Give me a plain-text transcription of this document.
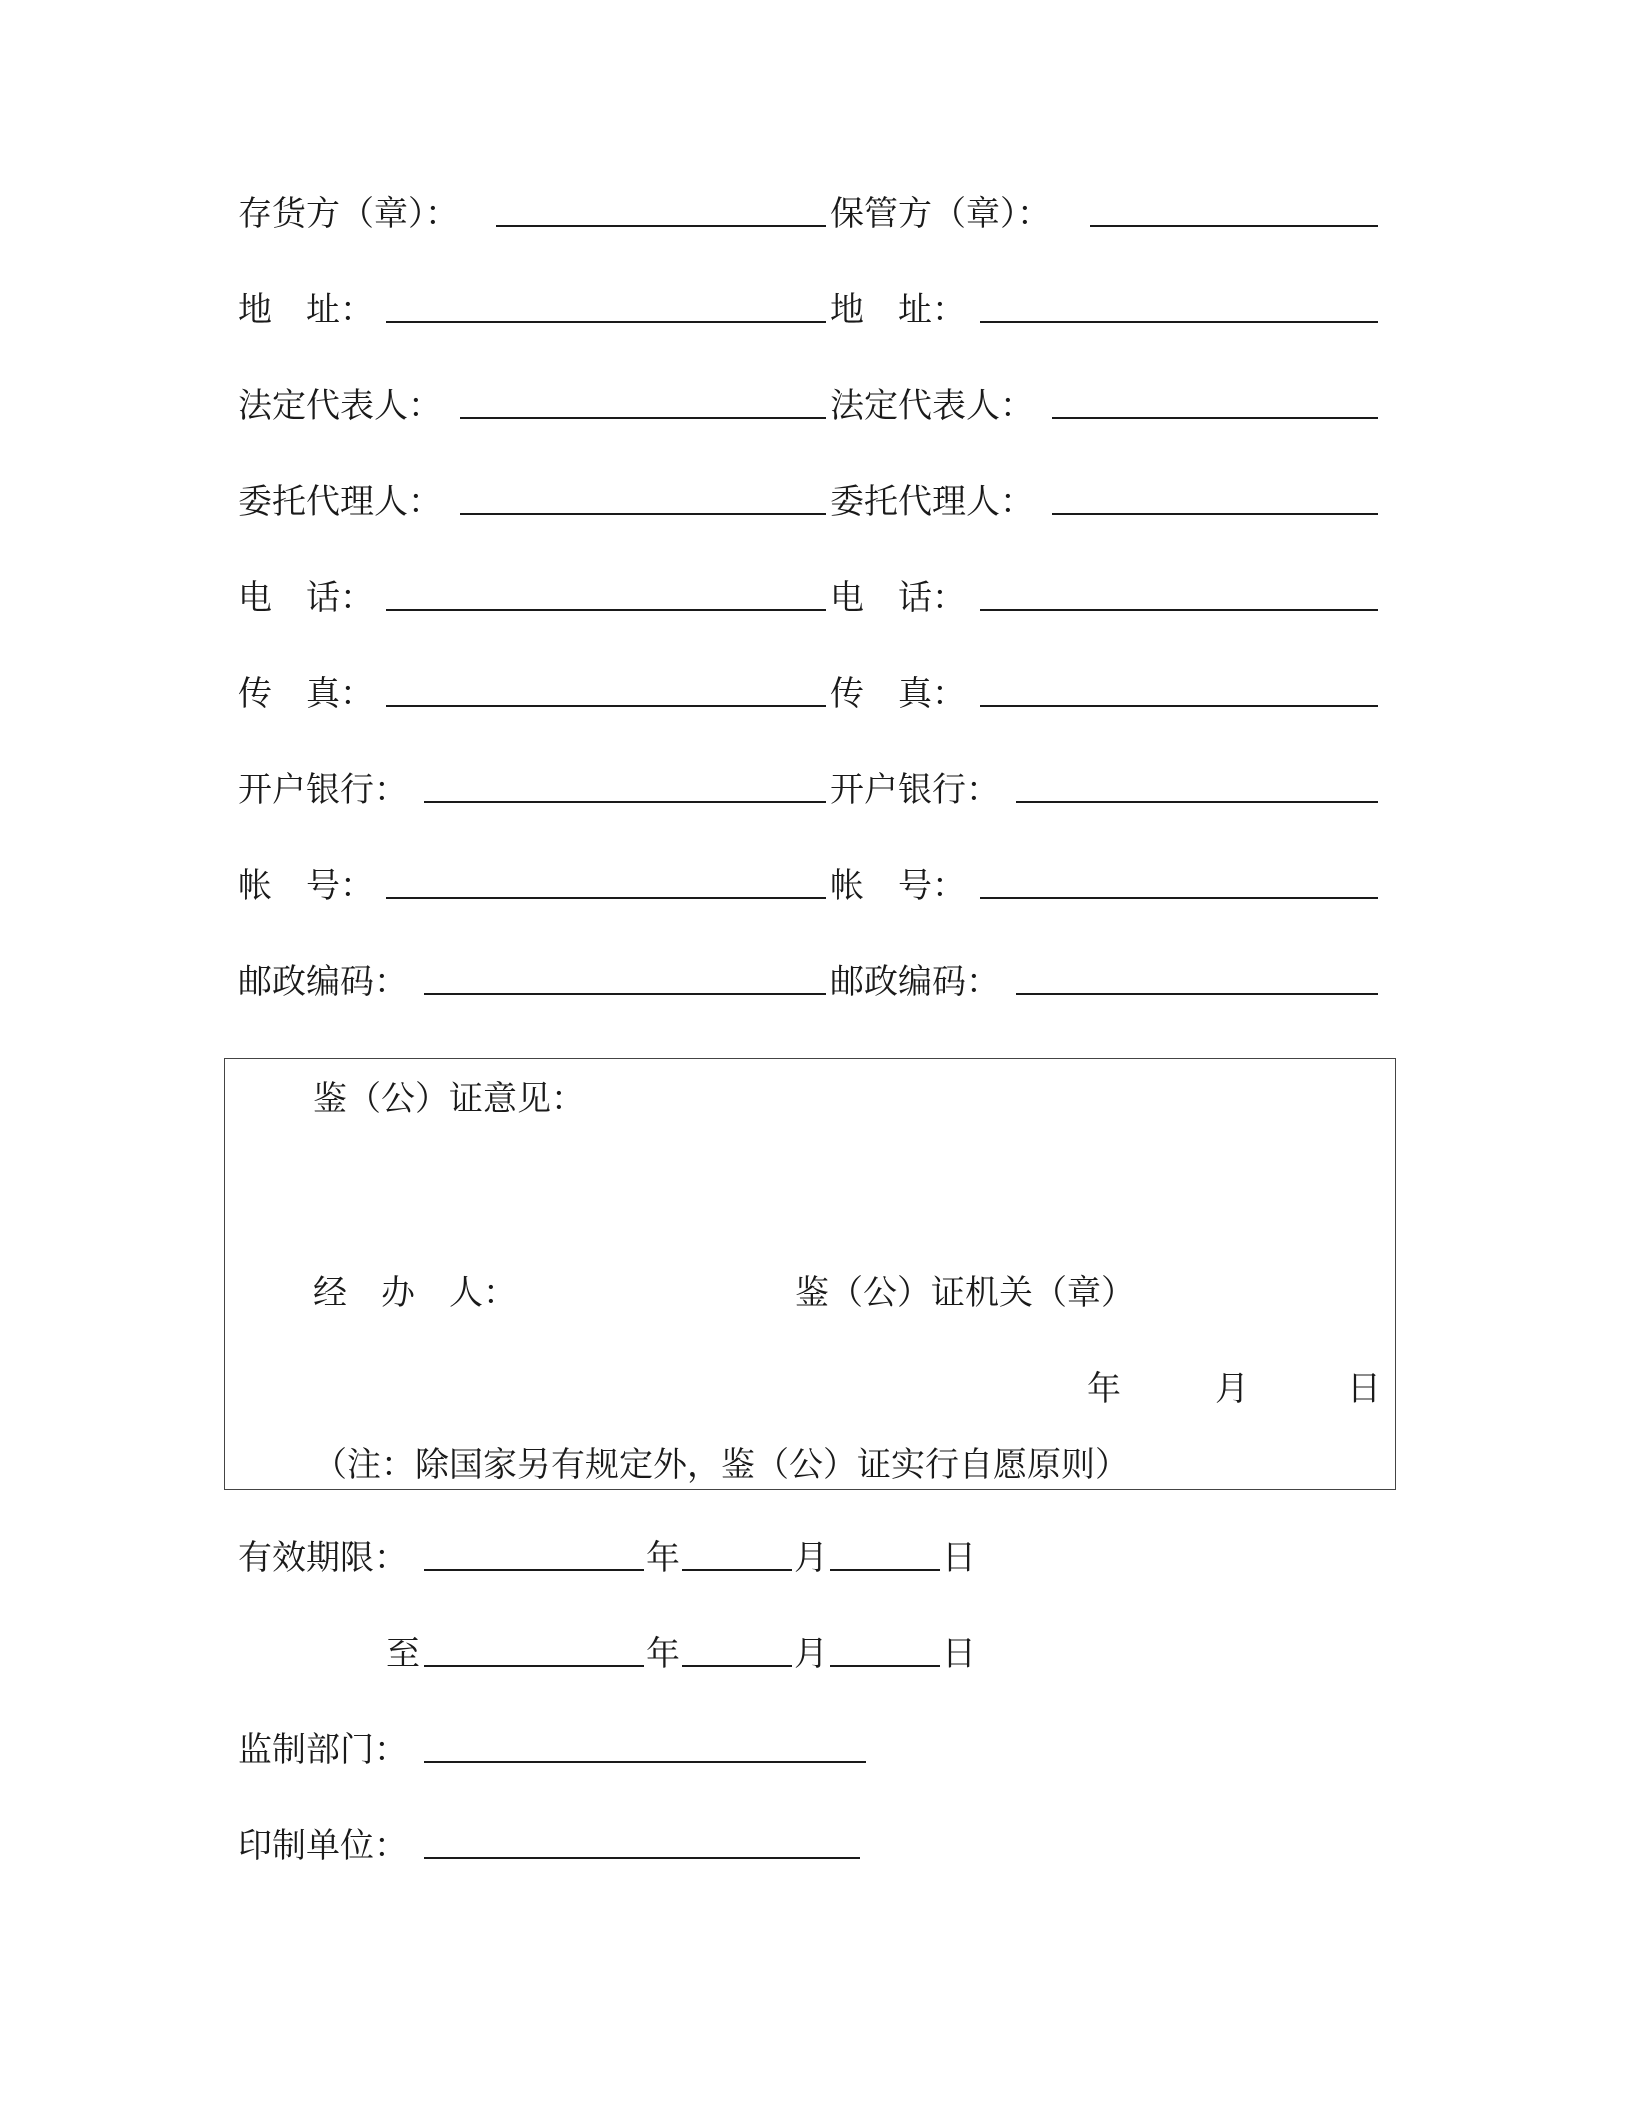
存货方（章）：	保管方（章）：
地　址：	地　址：
法定代表人：	法定代表人：
委托代理人：	委托代理人：
电　话：	电　话：
传　真：	传　真：
开户银行：	开户银行：
帐　号：	帐　号：
邮政编码：	邮政编码：
鉴（公）证意见：
经　办　人：	鉴（公）证机关（章）
年	月	日
（注：除国家另有规定外，鉴（公）证实行自愿原则）
有效期限：	年	月	日
至	年	月	日
监制部门：
印制单位：
